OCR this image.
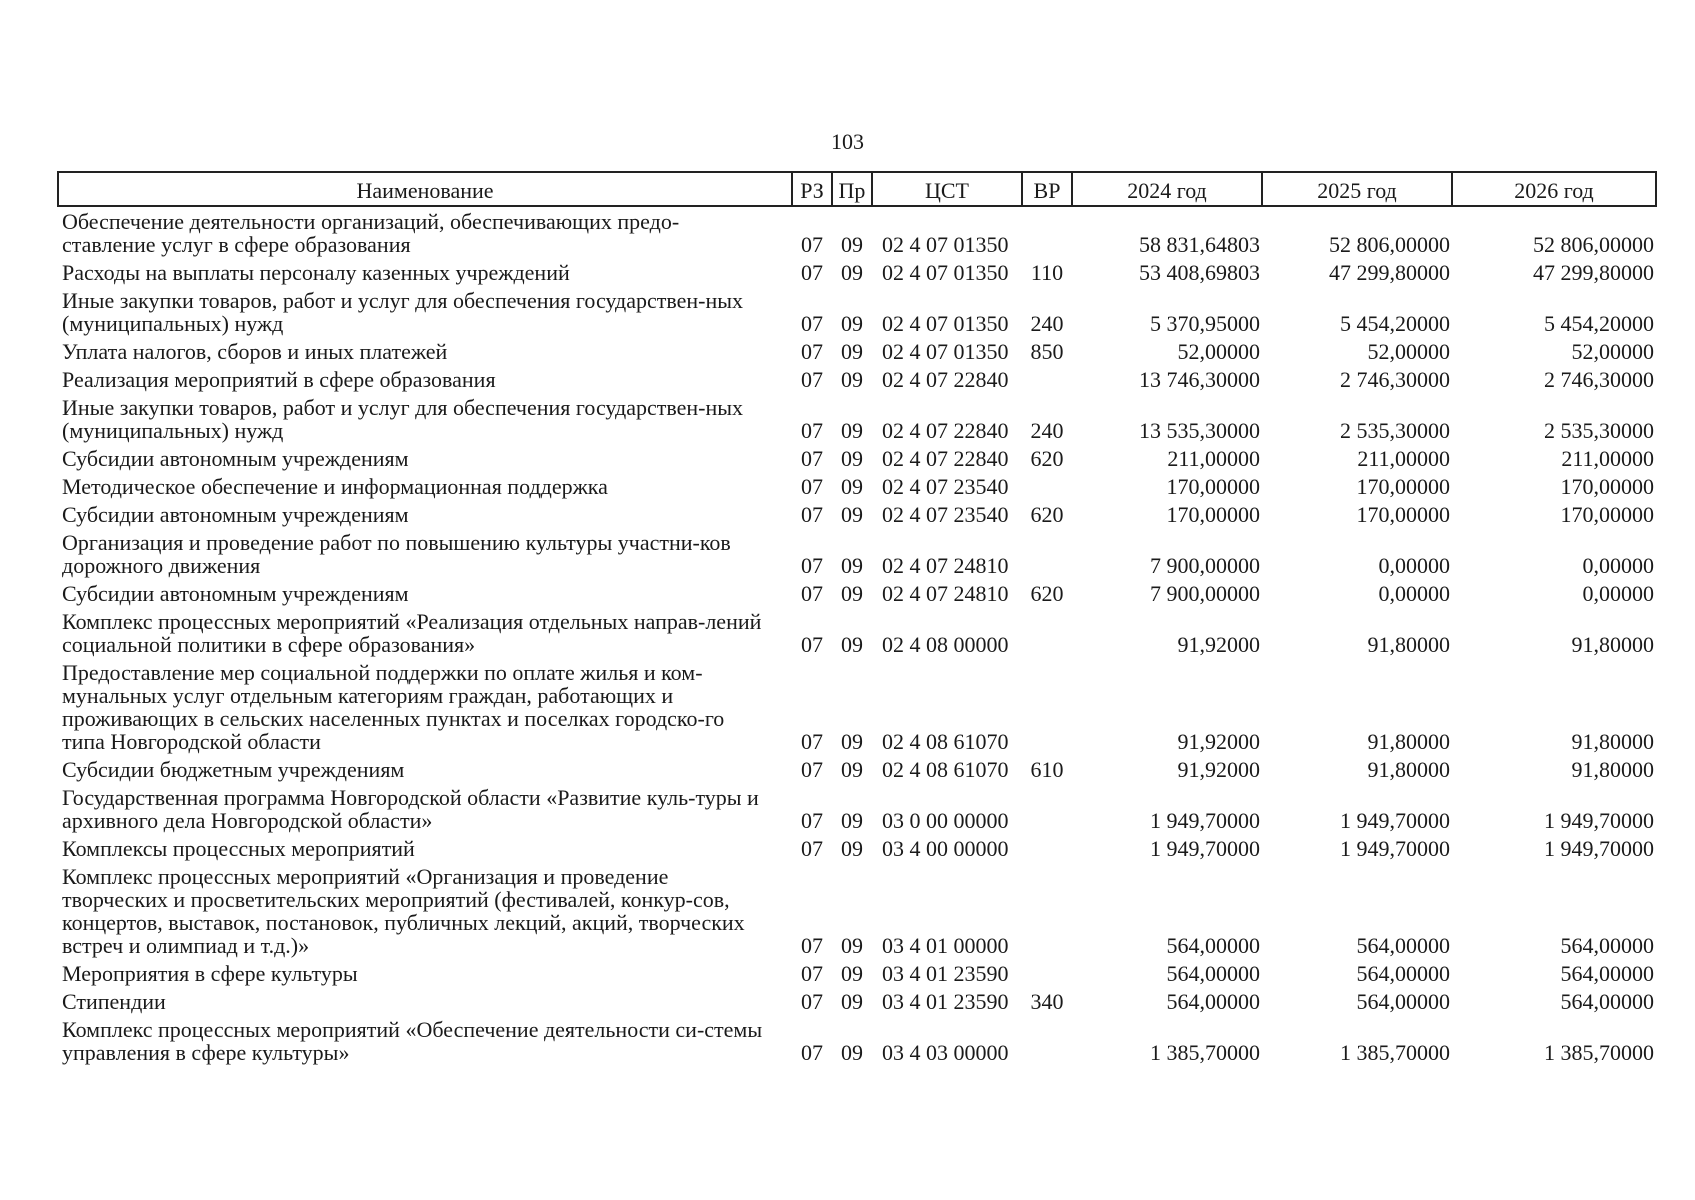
103
Наименование	РЗ	Пр	ЦСТ	ВР	2024 год	2025 год	2026 год
Обеспечение деятельности организаций, обеспечивающих предо-ставление услуг в сфере образования	07	09	02 4 07 01350		58 831,64803	52 806,00000	52 806,00000
Расходы на выплаты персоналу казенных учреждений	07	09	02 4 07 01350	110	53 408,69803	47 299,80000	47 299,80000
Иные закупки товаров, работ и услуг для обеспечения государствен-ных (муниципальных) нужд	07	09	02 4 07 01350	240	5 370,95000	5 454,20000	5 454,20000
Уплата налогов, сборов и иных платежей	07	09	02 4 07 01350	850	52,00000	52,00000	52,00000
Реализация мероприятий в сфере образования	07	09	02 4 07 22840		13 746,30000	2 746,30000	2 746,30000
Иные закупки товаров, работ и услуг для обеспечения государствен-ных (муниципальных) нужд	07	09	02 4 07 22840	240	13 535,30000	2 535,30000	2 535,30000
Субсидии автономным учреждениям	07	09	02 4 07 22840	620	211,00000	211,00000	211,00000
Методическое обеспечение и информационная поддержка	07	09	02 4 07 23540		170,00000	170,00000	170,00000
Субсидии автономным учреждениям	07	09	02 4 07 23540	620	170,00000	170,00000	170,00000
Организация и проведение работ по повышению культуры участни-ков дорожного движения	07	09	02 4 07 24810		7 900,00000	0,00000	0,00000
Субсидии автономным учреждениям	07	09	02 4 07 24810	620	7 900,00000	0,00000	0,00000
Комплекс процессных мероприятий «Реализация отдельных направ-лений социальной политики в сфере образования»	07	09	02 4 08 00000		91,92000	91,80000	91,80000
Предоставление мер социальной поддержки по оплате жилья и ком-мунальных услуг отдельным категориям граждан, работающих и проживающих в сельских населенных пунктах и поселках городско-го типа Новгородской области	07	09	02 4 08 61070		91,92000	91,80000	91,80000
Субсидии бюджетным учреждениям	07	09	02 4 08 61070	610	91,92000	91,80000	91,80000
Государственная программа Новгородской области «Развитие куль-туры и архивного дела Новгородской области»	07	09	03 0 00 00000		1 949,70000	1 949,70000	1 949,70000
Комплексы процессных мероприятий	07	09	03 4 00 00000		1 949,70000	1 949,70000	1 949,70000
Комплекс процессных мероприятий «Организация и проведение творческих и просветительских мероприятий (фестивалей, конкур-сов, концертов, выставок, постановок, публичных лекций, акций, творческих встреч и олимпиад и т.д.)»	07	09	03 4 01 00000		564,00000	564,00000	564,00000
Мероприятия в сфере культуры	07	09	03 4 01 23590		564,00000	564,00000	564,00000
Стипендии	07	09	03 4 01 23590	340	564,00000	564,00000	564,00000
Комплекс процессных мероприятий «Обеспечение деятельности си-стемы управления в сфере культуры»	07	09	03 4 03 00000		1 385,70000	1 385,70000	1 385,70000
